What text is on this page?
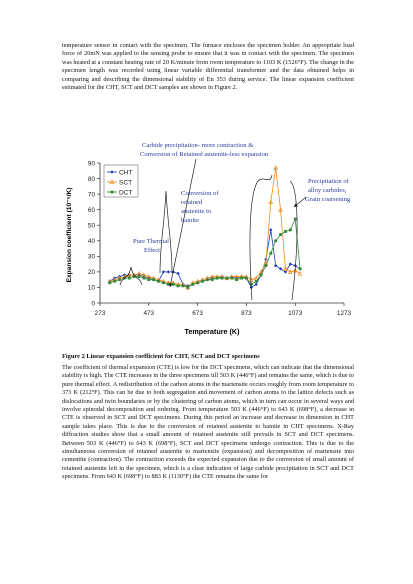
temperature sensor in contact with the specimen. The furnace encloses the specimen holder. An appropriate load force of 20mN was applied to the sensing probe to ensure that it was in contact with the specimen. The specimen was heated at a constant heating rate of 20 K/minute from room temperature to 1103 K (1526°F). The change in the specimen length was recorded using linear variable differential transformer and the data obtained helps in comparing and describing the dimensional stability of En 353 during service. The linear expansion coefficient estimated for the CHT, SCT and DCT samples are shown in Figure 2.

0
10
20
30
40
50
60
70
80
90
273	473	673	873	1073	1273
Carbide precipitation- more contraction &
Conversion of Retained austenite-less expansion
Conversion of
retained
austenite to
bainite
Pure Thermal
Effect
Precipitation of
alloy carbides,
Grain coarsening
CHT
SCT
DCT
Temperature (K)
Expansion coefficient (10⁻⁶/K)

Figure 2 Linear expansion coefficient for CHT, SCT and DCT specimens

The coefficient of thermal expansion (CTE) is low for the DCT specimens, which can indicate that the dimensional stability is high. The CTE increases in the three specimens till 503 K (446°F) and remains the same, which is due to pure thermal effect. A redistribution of the carbon atoms in the martensite occurs roughly from room temperature to 373 K (212°F). This can be due to both segregation and movement of carbon atoms to the lattice defects such as dislocations and twin boundaries or by the clustering of carbon atoms, which in turn can occur in several ways and involve spinodal decomposition and ordering. From temperature 503 K (446°F) to 643 K (698°F), a decrease in CTE is observed in SCT and DCT specimens. During this period an increase and decrease in dimension in CHT sample takes place. This is due to the conversion of retained austenite to bainite in CHT specimens. X-Ray diffraction studies show that a small amount of retained austenite still prevails in SCT and DCT specimens. Between 503 K (446°F) to 643 K (698°F), SCT and DCT specimens undergo contraction. This is due to the simultaneous conversion of retained austenite to martensite (expansion) and decomposition of martensite into cementite (contraction). The contraction exceeds the expected expansion due to the conversion of small amount of retained austenite left in the specimen, which is a clear indication of large carbide precipitation in SCT and DCT specimens. From 643 K (698°F) to 883 K (1130°F) the CTE remains the same for
